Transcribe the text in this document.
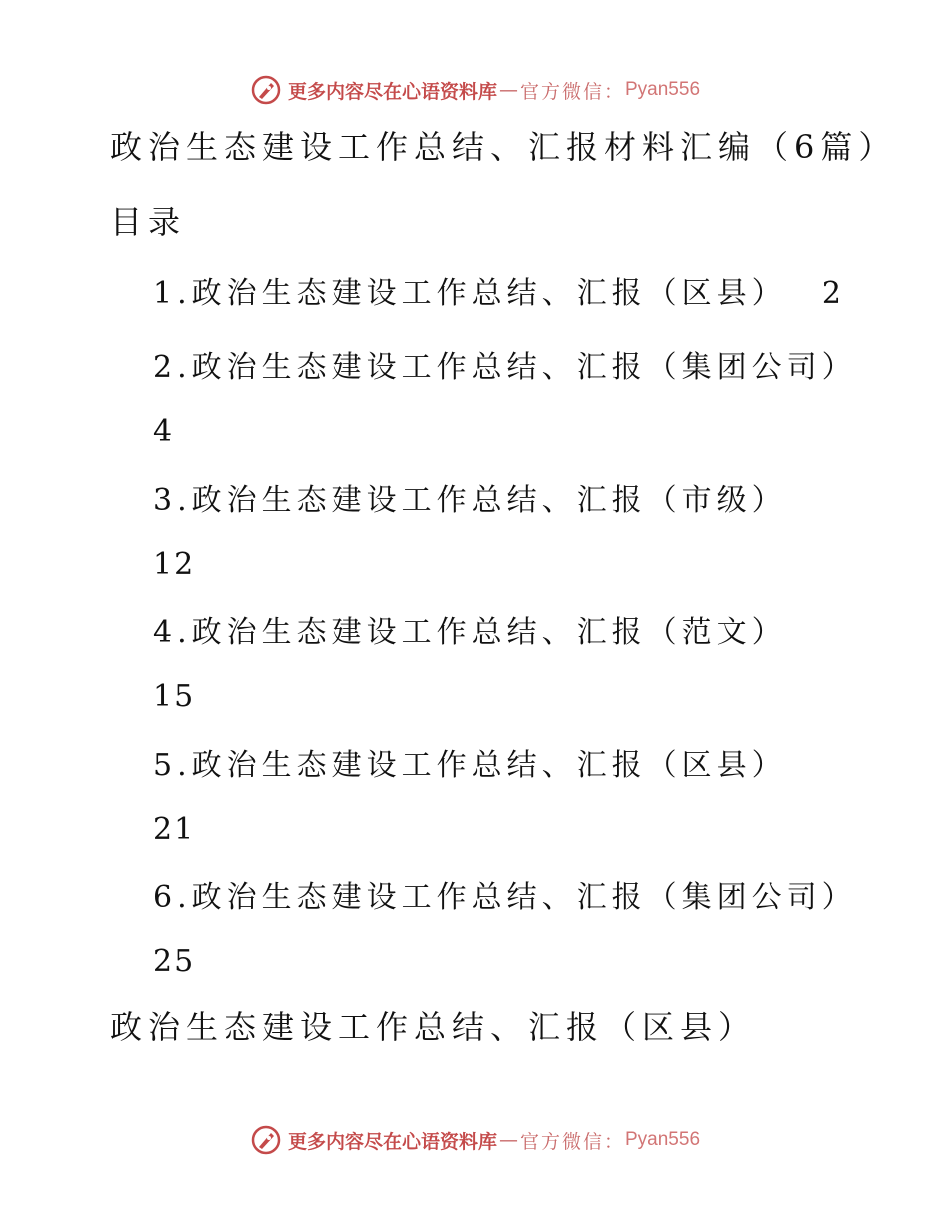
更多内容尽在心语资料库 — 官方微信： Pyan556
政治生态建设工作总结、汇报材料汇编（6篇）
目录
1.政治生态建设工作总结、汇报（区县） 2
2.政治生态建设工作总结、汇报（集团公司）
4
3.政治生态建设工作总结、汇报（市级）
12
4.政治生态建设工作总结、汇报（范文）
15
5.政治生态建设工作总结、汇报（区县）
21
6.政治生态建设工作总结、汇报（集团公司）
25
政治生态建设工作总结、汇报（区县）
更多内容尽在心语资料库 — 官方微信： Pyan556
